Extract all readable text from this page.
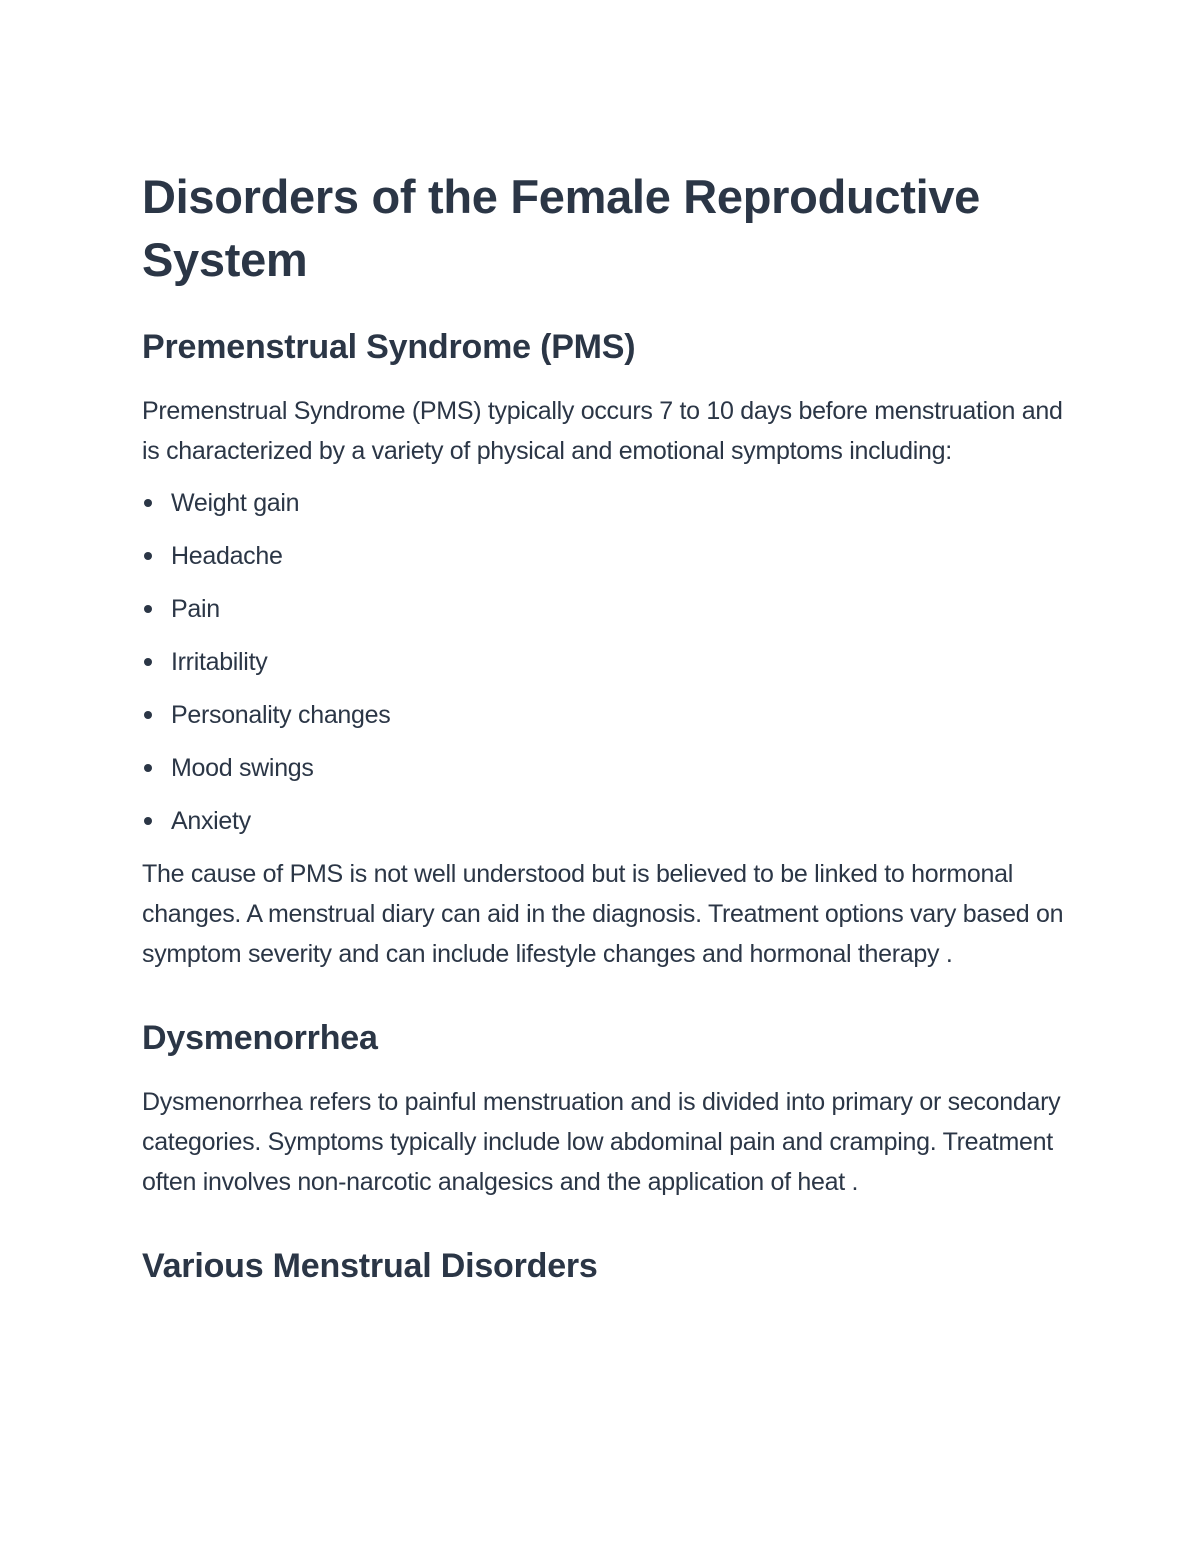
Disorders of the Female Reproductive System
Premenstrual Syndrome (PMS)

Premenstrual Syndrome (PMS) typically occurs 7 to 10 days before menstruation and is characterized by a variety of physical and emotional symptoms including:

Weight gain
Headache
Pain
Irritability
Personality changes
Mood swings
Anxiety

The cause of PMS is not well understood but is believed to be linked to hormonal changes. A menstrual diary can aid in the diagnosis. Treatment options vary based on symptom severity and can include lifestyle changes and hormonal therapy .

Dysmenorrhea

Dysmenorrhea refers to painful menstruation and is divided into primary or secondary categories. Symptoms typically include low abdominal pain and cramping. Treatment often involves non-narcotic analgesics and the application of heat .

Various Menstrual Disorders
